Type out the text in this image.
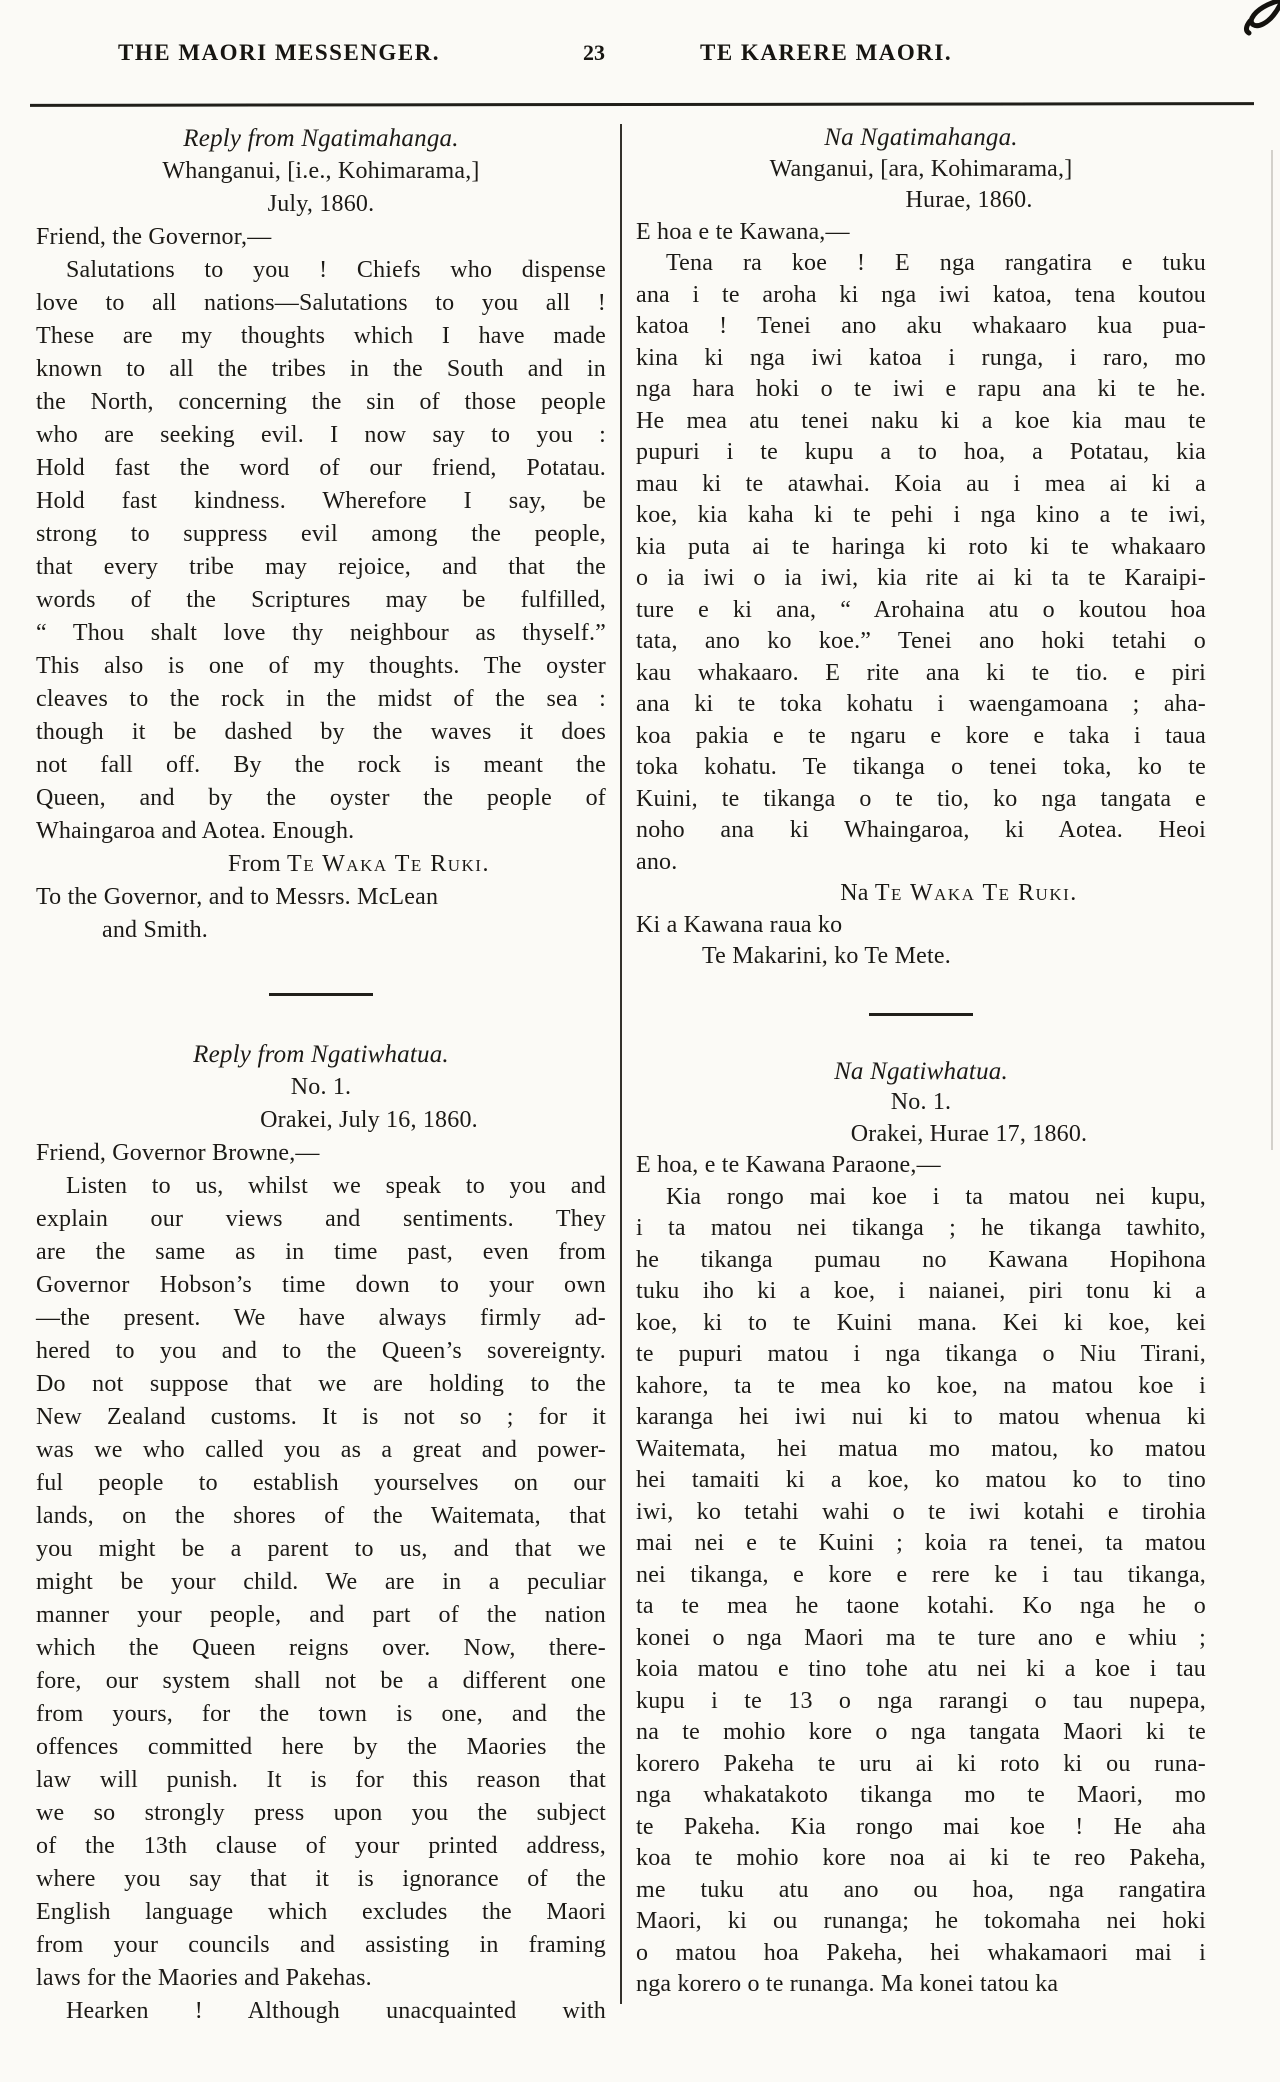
THE MAORI MESSENGER.	23	TE KARERE MAORI.
Reply from Ngatimahanga.
Whanganui, [i.e., Kohimarama,]
July, 1860.
Friend, the Governor,—
Salutations to you ! Chiefs who dispense
love to all nations—Salutations to you all !
These are my thoughts which I have made
known to all the tribes in the South and in
the North, concerning the sin of those people
who are seeking evil. I now say to you :
Hold fast the word of our friend, Potatau.
Hold fast kindness. Wherefore I say, be
strong to suppress evil among the people,
that every tribe may rejoice, and that the
words of the Scriptures may be fulfilled,
“ Thou shalt love thy neighbour as thyself.”
This also is one of my thoughts. The oyster
cleaves to the rock in the midst of the sea :
though it be dashed by the waves it does
not fall off. By the rock is meant the
Queen, and by the oyster the people of
Whaingaroa and Aotea. Enough.
From Te Waka Te Ruki.
To the Governor, and to Messrs. McLean
and Smith.
Reply from Ngatiwhatua.
No. 1.
Orakei, July 16, 1860.
Friend, Governor Browne,—
Listen to us, whilst we speak to you and
explain our views and sentiments. They
are the same as in time past, even from
Governor Hobson’s time down to your own
—the present. We have always firmly ad-
hered to you and to the Queen’s sovereignty.
Do not suppose that we are holding to the
New Zealand customs. It is not so ; for it
was we who called you as a great and power-
ful people to establish yourselves on our
lands, on the shores of the Waitemata, that
you might be a parent to us, and that we
might be your child. We are in a peculiar
manner your people, and part of the nation
which the Queen reigns over. Now, there-
fore, our system shall not be a different one
from yours, for the town is one, and the
offences committed here by the Maories the
law will punish. It is for this reason that
we so strongly press upon you the subject
of the 13th clause of your printed address,
where you say that it is ignorance of the
English language which excludes the Maori
from your councils and assisting in framing
laws for the Maories and Pakehas.
Hearken ! Although unacquainted with
Na Ngatimahanga.
Wanganui, [ara, Kohimarama,]
Hurae, 1860.
E hoa e te Kawana,—
Tena ra koe ! E nga rangatira e tuku
ana i te aroha ki nga iwi katoa, tena koutou
katoa ! Tenei ano aku whakaaro kua pua-
kina ki nga iwi katoa i runga, i raro, mo
nga hara hoki o te iwi e rapu ana ki te he.
He mea atu tenei naku ki a koe kia mau te
pupuri i te kupu a to hoa, a Potatau, kia
mau ki te atawhai. Koia au i mea ai ki a
koe, kia kaha ki te pehi i nga kino a te iwi,
kia puta ai te haringa ki roto ki te whakaaro
o ia iwi o ia iwi, kia rite ai ki ta te Karaipi-
ture e ki ana, “ Arohaina atu o koutou hoa
tata, ano ko koe.” Tenei ano hoki tetahi o
kau whakaaro. E rite ana ki te tio. e piri
ana ki te toka kohatu i waengamoana ; aha-
koa pakia e te ngaru e kore e taka i taua
toka kohatu. Te tikanga o tenei toka, ko te
Kuini, te tikanga o te tio, ko nga tangata e
noho ana ki Whaingaroa, ki Aotea. Heoi
ano.
Na Te Waka Te Ruki.
Ki a Kawana raua ko
Te Makarini, ko Te Mete.
Na Ngatiwhatua.
No. 1.
Orakei, Hurae 17, 1860.
E hoa, e te Kawana Paraone,—
Kia rongo mai koe i ta matou nei kupu,
i ta matou nei tikanga ; he tikanga tawhito,
he tikanga pumau no Kawana Hopihona
tuku iho ki a koe, i naianei, piri tonu ki a
koe, ki to te Kuini mana. Kei ki koe, kei
te pupuri matou i nga tikanga o Niu Tirani,
kahore, ta te mea ko koe, na matou koe i
karanga hei iwi nui ki to matou whenua ki
Waitemata, hei matua mo matou, ko matou
hei tamaiti ki a koe, ko matou ko to tino
iwi, ko tetahi wahi o te iwi kotahi e tirohia
mai nei e te Kuini ; koia ra tenei, ta matou
nei tikanga, e kore e rere ke i tau tikanga,
ta te mea he taone kotahi. Ko nga he o
konei o nga Maori ma te ture ano e whiu ;
koia matou e tino tohe atu nei ki a koe i tau
kupu i te 13 o nga rarangi o tau nupepa,
na te mohio kore o nga tangata Maori ki te
korero Pakeha te uru ai ki roto ki ou runa-
nga whakatakoto tikanga mo te Maori, mo
te Pakeha. Kia rongo mai koe ! He aha
koa te mohio kore noa ai ki te reo Pakeha,
me tuku atu ano ou hoa, nga rangatira
Maori, ki ou runanga; he tokomaha nei hoki
o matou hoa Pakeha, hei whakamaori mai i
nga korero o te runanga. Ma konei tatou ka
